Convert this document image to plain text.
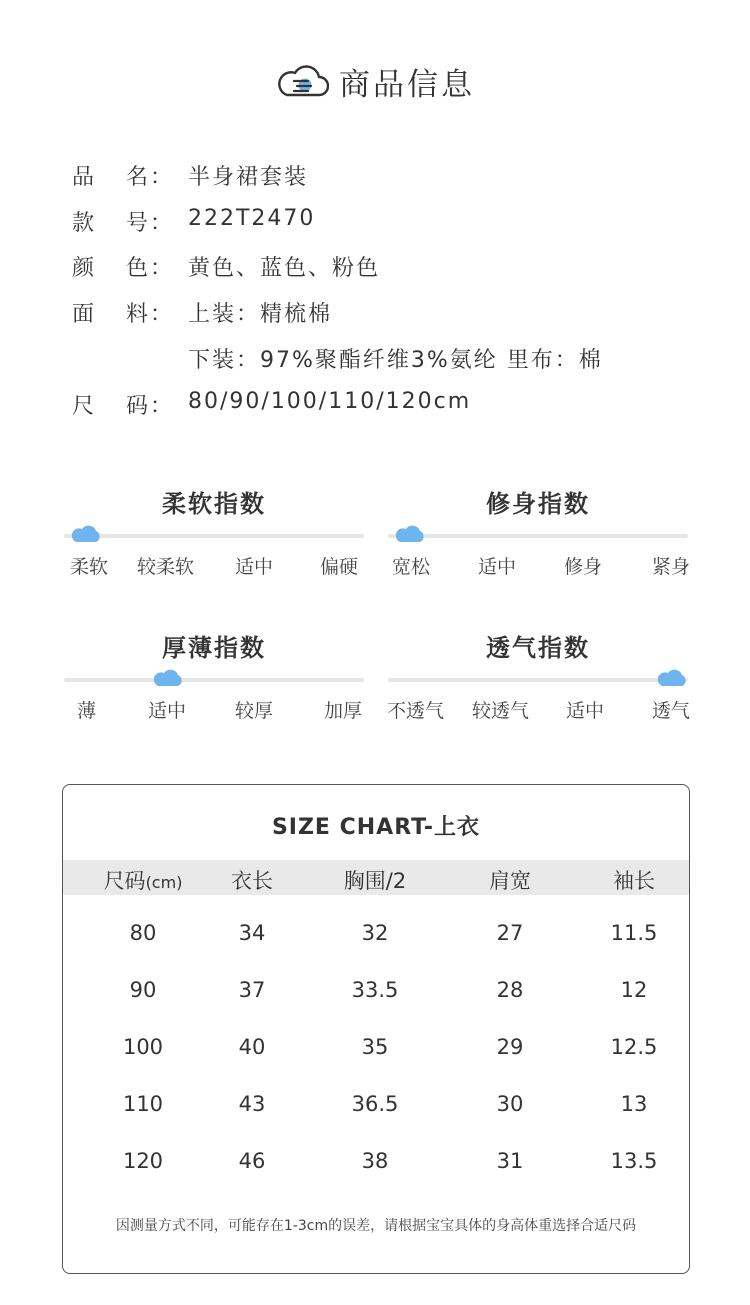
商品信息
品 名： 半身裙套装
款 号： 222T2470
颜 色： 黄色、蓝色、粉色
面 料： 上装：精梳棉
下装：97%聚酯纤维3%氨纶 里布：棉
尺 码： 80/90/100/110/120cm
柔软指数
柔软 较柔软 适中 偏硬
修身指数
宽松	适中	修身	紧身
厚薄指数
薄	适中	较厚	加厚
透气指数
不透气 较透气 适中	透气
SIZE CHART-上衣
尺码(cm)	衣长	胸围/2	肩宽	袖长
80	34	32	27	11.5
90	37	33.5	28	12
100	40	35	29	12.5
110	43	36.5	30	13
120	46	38	31	13.5
因测量方式不同，可能存在1-3cm的误差，请根据宝宝具体的身高体重选择合适尺码
